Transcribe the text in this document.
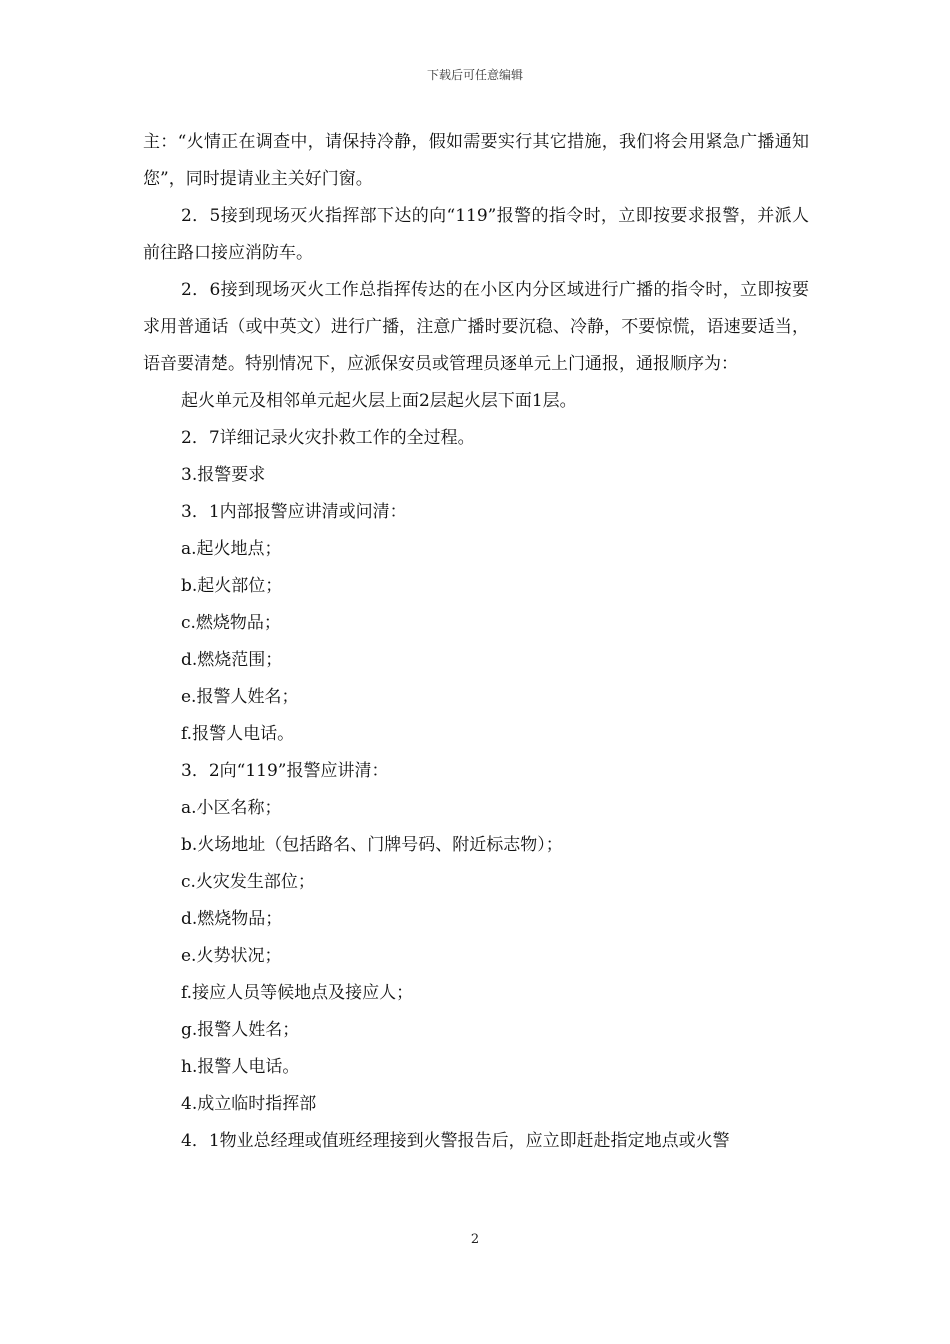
下载后可任意编辑

主：“火情正在调查中，请保持冷静，假如需要实行其它措施，我们将会用紧急广播通知您”，同时提请业主关好门窗。

2．5接到现场灭火指挥部下达的向“119”报警的指令时，立即按要求报警，并派人前往路口接应消防车。

2．6接到现场灭火工作总指挥传达的在小区内分区域进行广播的指令时，立即按要求用普通话（或中英文）进行广播，注意广播时要沉稳、冷静，不要惊慌，语速要适当，语音要清楚。特别情况下，应派保安员或管理员逐单元上门通报，通报顺序为：

起火单元及相邻单元起火层上面2层起火层下面1层。

2．7详细记录火灾扑救工作的全过程。

3.报警要求

3．1内部报警应讲清或问清：

a.起火地点；

b.起火部位；

c.燃烧物品；

d.燃烧范围；

e.报警人姓名；

f.报警人电话。

3．2向“119”报警应讲清：

a.小区名称；

b.火场地址（包括路名、门牌号码、附近标志物）；

c.火灾发生部位；

d.燃烧物品；

e.火势状况；

f.接应人员等候地点及接应人；

g.报警人姓名；

h.报警人电话。

4.成立临时指挥部

4．1物业总经理或值班经理接到火警报告后，应立即赶赴指定地点或火警

2
